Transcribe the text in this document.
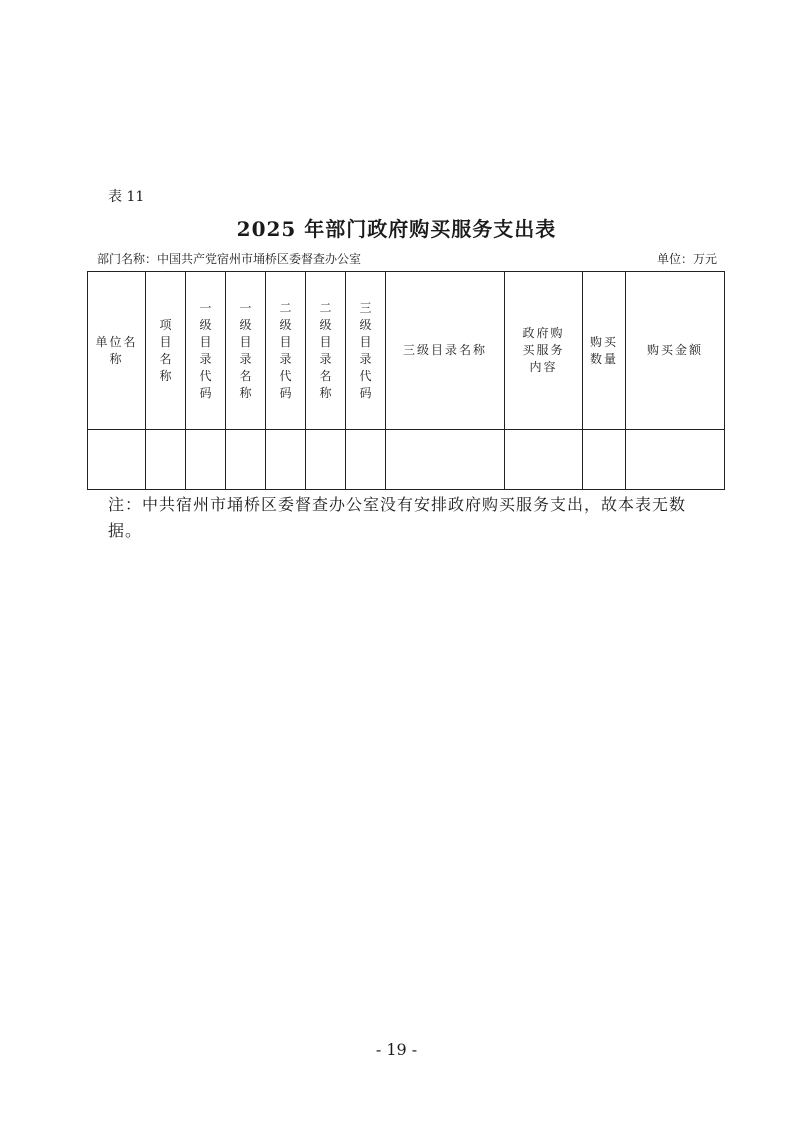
表 11
2025 年部门政府购买服务支出表
部门名称：中国共产党宿州市埇桥区委督查办公室	单位：万元
单位名称	项目名称	一级目录代码	一级目录名称	二级目录代码	二级目录名称	三级目录代码	三级目录名称	政府购买服务内容	购买数量	购买金额

注：中共宿州市埇桥区委督查办公室没有安排政府购买服务支出，故本表无数据。
- 19 -
